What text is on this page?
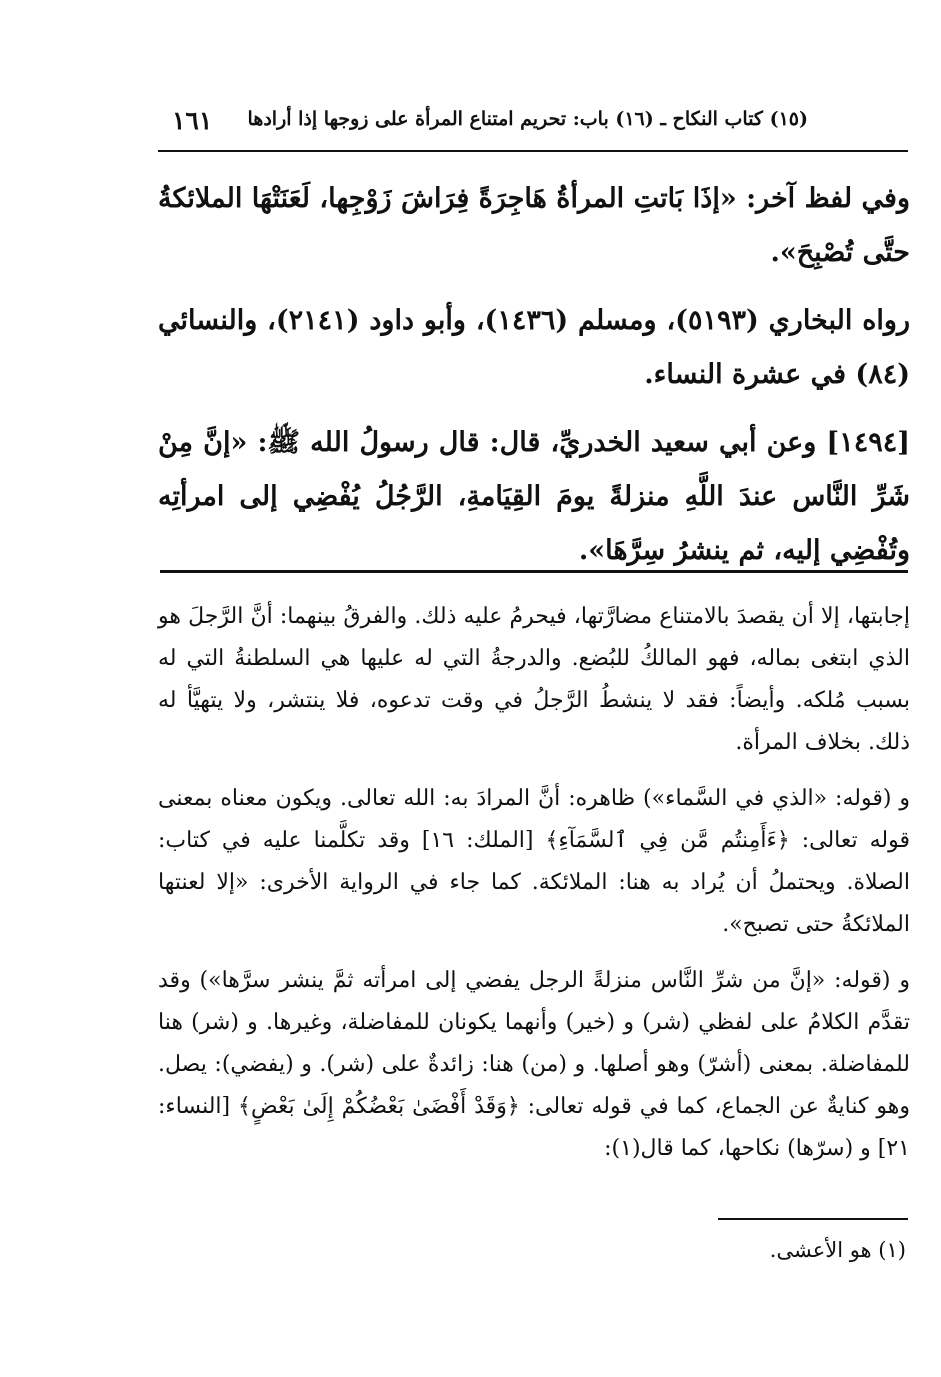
١٦١ (١٥) كتاب النكاح ـ (١٦) باب: تحريم امتناع المرأة على زوجها إذا أرادها

وفي لفظ آخر: «إذَا بَاتتِ المرأةُ هَاجِرَةً فِرَاشَ زَوْجِها، لَعَنَتْهَا الملائكةُ حتَّى تُصْبِحَ».

رواه البخاري (٥١٩٣)، ومسلم (١٤٣٦)، وأبو داود (٢١٤١)، والنسائي (٨٤) في عشرة النساء.

[١٤٩٤] وعن أبي سعيد الخدريِّ، قال: قال رسولُ الله ﷺ: «إنَّ مِنْ شَرِّ النَّاس عندَ اللَّهِ منزلةً يومَ القِيَامةِ، الرَّجُلُ يُفْضِي إلى امرأتِه وتُفْضِي إليه، ثم ينشرُ سِرَّهَا».

إجابتها، إلا أن يقصدَ بالامتناع مضارَّتها، فيحرمُ عليه ذلك. والفرقُ بينهما: أنَّ الرَّجلَ هو الذي ابتغى بماله، فهو المالكُ للبُضع. والدرجةُ التي له عليها هي السلطنةُ التي له بسبب مُلكه. وأيضاً: فقد لا ينشطُ الرَّجلُ في وقت تدعوه، فلا ينتشر، ولا يتهيَّأ له ذلك. بخلاف المرأة.

و (قوله: «الذي في السَّماء») ظاهره: أنَّ المرادَ به: الله تعالى. ويكون معناه بمعنى قوله تعالى: ﴿ءَأَمِنتُم مَّن فِي ٱلسَّمَآءِ﴾ [الملك: ١٦] وقد تكلَّمنا عليه في كتاب: الصلاة. ويحتملُ أن يُراد به هنا: الملائكة. كما جاء في الرواية الأخرى: «إلا لعنتها الملائكةُ حتى تصبح».

و (قوله: «إنَّ من شرِّ النَّاس منزلةً الرجل يفضي إلى امرأته ثمَّ ينشر سرَّها») وقد تقدَّم الكلامُ على لفظي (شر) و (خير) وأنهما يكونان للمفاضلة، وغيرها. و (شر) هنا للمفاضلة. بمعنى (أشرّ) وهو أصلها. و (من) هنا: زائدةٌ على (شر). و (يفضي): يصل. وهو كنايةٌ عن الجماع، كما في قوله تعالى: ﴿وَقَدْ أَفْضَىٰ بَعْضُكُمْ إِلَىٰ بَعْضٍ﴾ [النساء: ٢١] و (سرّها) نكاحها، كما قال(١):

(١) هو الأعشى.
